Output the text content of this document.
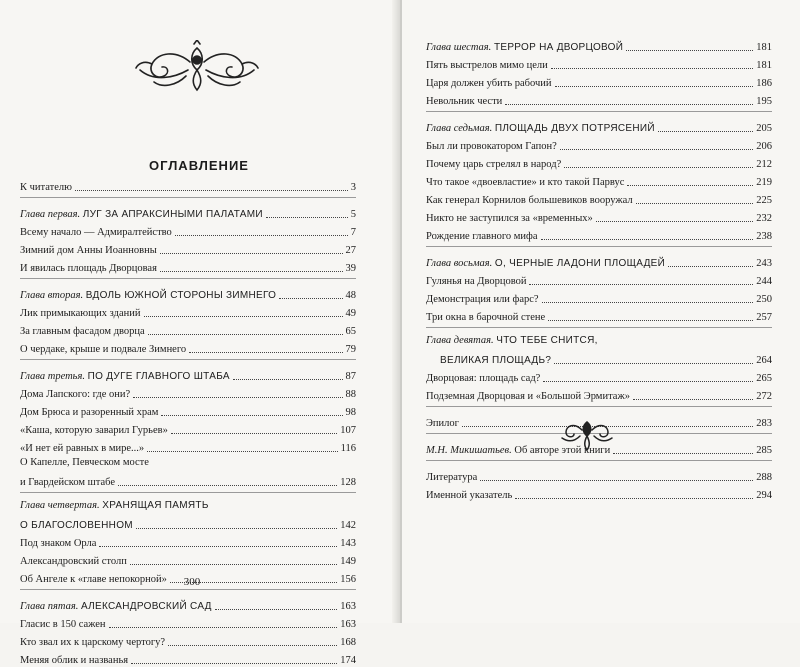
ОГЛАВЛЕНИЕ
К читателю	3
Глава первая. ЛУГ ЗА АПРАКСИНЫМИ ПАЛАТАМИ	5
Всему начало — Адмиралтейство	7
Зимний дом Анны Иоанновны	27
И явилась площадь Дворцовая	39
Глава вторая. ВДОЛЬ ЮЖНОЙ СТОРОНЫ ЗИМНЕГО	48
Лик примыкающих зданий	49
За главным фасадом дворца	65
О чердаке, крыше и подвале Зимнего	79
Глава третья. ПО ДУГЕ ГЛАВНОГО ШТАБА	87
Дома Лапского: где они?	88
Дом Брюса и разоренный храм	98
«Каша, которую заварил Гурьев»	107
«И нет ей равных в мире...»	116
О Капелле, Певческом мосте
и Гвардейском штабе	128
Глава четвертая. ХРАНЯЩАЯ ПАМЯТЬ
О БЛАГОСЛОВЕННОМ	142
Под знаком Орла	143
Александровский столп	149
Об Ангеле к «главе непокорной»	156
Глава пятая. АЛЕКСАНДРОВСКИЙ САД	163
Гласис в 150 сажен	163
Кто звал их к царскому чертогу?	168
Меняя облик и названья	174
300
Глава шестая. ТЕРРОР НА ДВОРЦОВОЙ	181
Пять выстрелов мимо цели	181
Царя должен убить рабочий	186
Невольник чести	195
Глава седьмая. ПЛОЩАДЬ ДВУХ ПОТРЯСЕНИЙ	205
Был ли провокатором Гапон?	206
Почему царь стрелял в народ?	212
Что такое «двоевластие» и кто такой Парвус	219
Как генерал Корнилов большевиков вооружал	225
Никто не заступился за «временных»	232
Рождение главного мифа	238
Глава восьмая. О, ЧЕРНЫЕ ЛАДОНИ ПЛОЩАДЕЙ	243
Гулянья на Дворцовой	244
Демонстрация или фарс?	250
Три окна в барочной стене	257
Глава девятая. ЧТО ТЕБЕ СНИТСЯ,
ВЕЛИКАЯ ПЛОЩАДЬ?	264
Дворцовая: площадь сад?	265
Подземная Дворцовая и «Большой Эрмитаж»	272
Эпилог	283
М.Н. Микишатьев. Об авторе этой книги	285
Литература	288
Именной указатель	294
